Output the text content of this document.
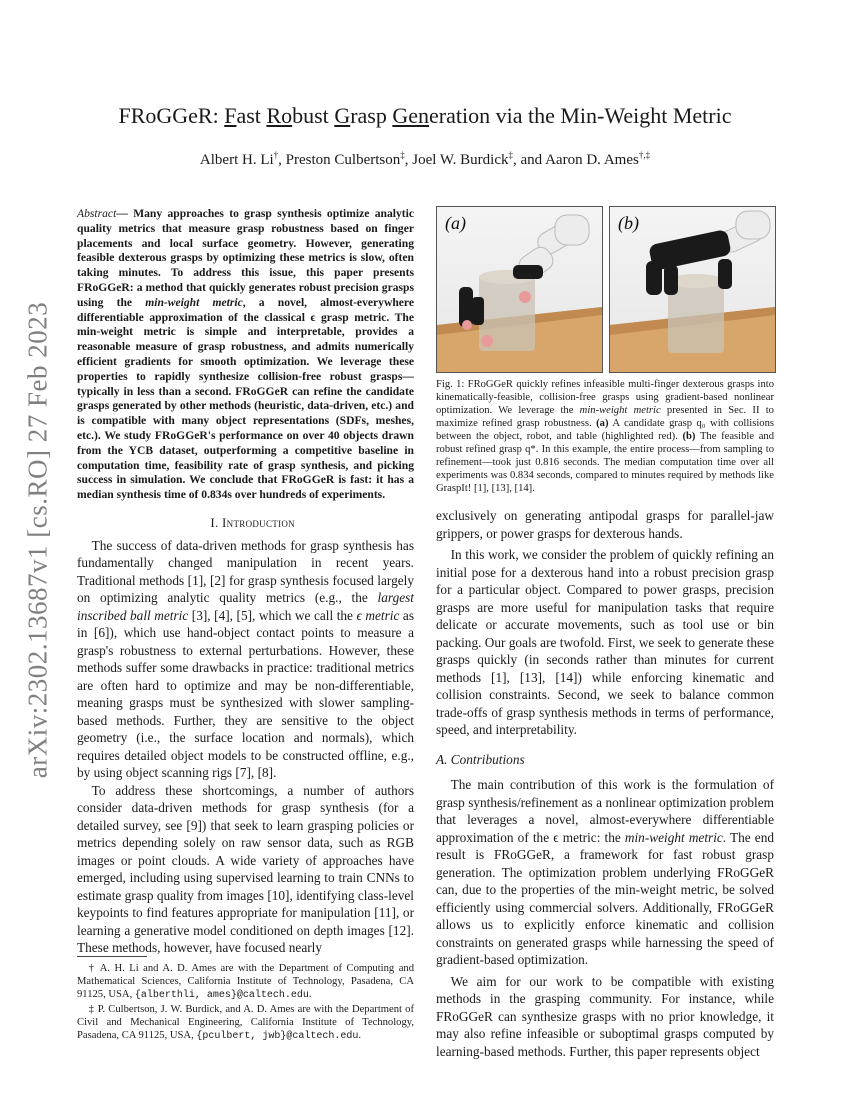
arXiv:2302.13687v1 [cs.RO] 27 Feb 2023
FRoGGeR: Fast Robust Grasp Generation via the Min-Weight Metric
Albert H. Li†, Preston Culbertson‡, Joel W. Burdick‡, and Aaron D. Ames†,‡
Abstract— Many approaches to grasp synthesis optimize analytic quality metrics that measure grasp robustness based on finger placements and local surface geometry. However, generating feasible dexterous grasps by optimizing these metrics is slow, often taking minutes. To address this issue, this paper presents FRoGGeR: a method that quickly generates robust precision grasps using the min-weight metric, a novel, almost-everywhere differentiable approximation of the classical ϵ grasp metric. The min-weight metric is simple and interpretable, provides a reasonable measure of grasp robustness, and admits numerically efficient gradients for smooth optimization. We leverage these properties to rapidly synthesize collision-free robust grasps—typically in less than a second. FRoGGeR can refine the candidate grasps generated by other methods (heuristic, data-driven, etc.) and is compatible with many object representations (SDFs, meshes, etc.). We study FRoGGeR's performance on over 40 objects drawn from the YCB dataset, outperforming a competitive baseline in computation time, feasibility rate of grasp synthesis, and picking success in simulation. We conclude that FRoGGeR is fast: it has a median synthesis time of 0.834s over hundreds of experiments.

I. Introduction

The success of data-driven methods for grasp synthesis has fundamentally changed manipulation in recent years. Traditional methods [1], [2] for grasp synthesis focused largely on optimizing analytic quality metrics (e.g., the largest inscribed ball metric [3], [4], [5], which we call the ϵ metric as in [6]), which use hand-object contact points to measure a grasp's robustness to external perturbations. However, these methods suffer some drawbacks in practice: traditional metrics are often hard to optimize and may be non-differentiable, meaning grasps must be synthesized with slower sampling-based methods. Further, they are sensitive to the object geometry (i.e., the surface location and normals), which requires detailed object models to be constructed offline, e.g., by using object scanning rigs [7], [8].

To address these shortcomings, a number of authors consider data-driven methods for grasp synthesis (for a detailed survey, see [9]) that seek to learn grasping policies or metrics depending solely on raw sensor data, such as RGB images or point clouds. A wide variety of approaches have emerged, including using supervised learning to train CNNs to estimate grasp quality from images [10], identifying class-level keypoints to find features appropriate for manipulation [11], or learning a generative model conditioned on depth images [12]. These methods, however, have focused nearly

(a)	(b)
Fig. 1: FRoGGeR quickly refines infeasible multi-finger dexterous grasps into kinematically-feasible, collision-free grasps using gradient-based nonlinear optimization. We leverage the min-weight metric presented in Sec. II to maximize refined grasp robustness. (a) A candidate grasp q₀ with collisions between the object, robot, and table (highlighted red). (b) The feasible and robust refined grasp q*. In this example, the entire process—from sampling to refinement—took just 0.816 seconds. The median computation time over all experiments was 0.834 seconds, compared to minutes required by methods like GraspIt! [1], [13], [14].

exclusively on generating antipodal grasps for parallel-jaw grippers, or power grasps for dexterous hands.

In this work, we consider the problem of quickly refining an initial pose for a dexterous hand into a robust precision grasp for a particular object. Compared to power grasps, precision grasps are more useful for manipulation tasks that require delicate or accurate movements, such as tool use or bin packing. Our goals are twofold. First, we seek to generate these grasps quickly (in seconds rather than minutes for current methods [1], [13], [14]) while enforcing kinematic and collision constraints. Second, we seek to balance common trade-offs of grasp synthesis methods in terms of performance, speed, and interpretability.

A. Contributions

The main contribution of this work is the formulation of grasp synthesis/refinement as a nonlinear optimization problem that leverages a novel, almost-everywhere differentiable approximation of the ϵ metric: the min-weight metric. The end result is FRoGGeR, a framework for fast robust grasp generation. The optimization problem underlying FRoGGeR can, due to the properties of the min-weight metric, be solved efficiently using commercial solvers. Additionally, FRoGGeR allows us to explicitly enforce kinematic and collision constraints on generated grasps while harnessing the speed of gradient-based optimization.

We aim for our work to be compatible with existing methods in the grasping community. For instance, while FRoGGeR can synthesize grasps with no prior knowledge, it may also refine infeasible or suboptimal grasps computed by learning-based methods. Further, this paper represents object

† A. H. Li and A. D. Ames are with the Department of Computing and Mathematical Sciences, California Institute of Technology, Pasadena, CA 91125, USA, {alberthli, ames}@caltech.edu.

‡ P. Culbertson, J. W. Burdick, and A. D. Ames are with the Department of Civil and Mechanical Engineering, California Institute of Technology, Pasadena, CA 91125, USA, {pculbert, jwb}@caltech.edu.
